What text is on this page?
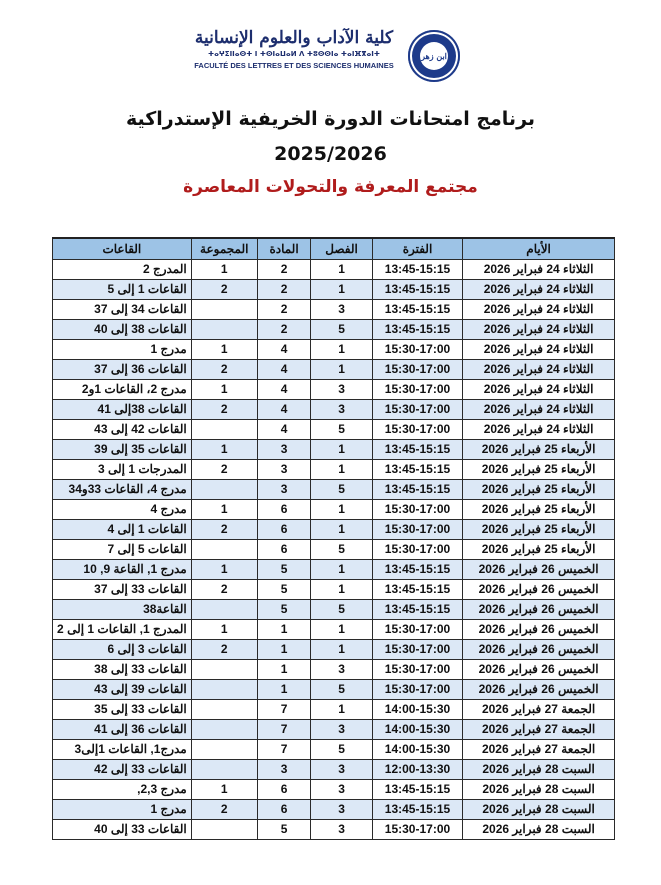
كلية الآداب والعلوم الإنسانية
ⵜⴰⵖⵉⵏⵏⴰⵙⵜ ⵏ ⵜⵙⵏⴰⵡⴰⵍ ⴷ ⵜⵓⵙⵙⵏⴰ ⵜⴰⵏⴼⴳⴰⵏⵜ
FACULTÉ DES LETTRES ET DES SCIENCES HUMAINES
ابن زهر
برنامج امتحانات الدورة الخريفية الإستدراكية
2025/2026
مجتمع المعرفة والتحولات المعاصرة
الأيام	الفترة	الفصل	المادة	المجموعة	القاعات
الثلاثاء 24 فبراير 2026	13:45-15:15	1	2	1	المدرج 2
الثلاثاء 24 فبراير 2026	13:45-15:15	1	2	2	القاعات 1 إلى 5
الثلاثاء 24 فبراير 2026	13:45-15:15	3	2		القاعات 34 إلى 37
الثلاثاء 24 فبراير 2026	13:45-15:15	5	2		القاعات 38 إلى 40
الثلاثاء 24 فبراير 2026	15:30-17:00	1	4	1	مدرج 1
الثلاثاء 24 فبراير 2026	15:30-17:00	1	4	2	القاعات 36 إلى 37
الثلاثاء 24 فبراير 2026	15:30-17:00	3	4	1	مدرج 2، القاعات 1و2
الثلاثاء 24 فبراير 2026	15:30-17:00	3	4	2	القاعات 38إلى 41
الثلاثاء 24 فبراير 2026	15:30-17:00	5	4		القاعات 42 إلى 43
الأربعاء 25 فبراير 2026	13:45-15:15	1	3	1	القاعات 35 إلى 39
الأربعاء 25 فبراير 2026	13:45-15:15	1	3	2	المدرجات 1 إلى 3
الأربعاء 25 فبراير 2026	13:45-15:15	5	3		مدرج 4، القاعات 33و34
الأربعاء 25 فبراير 2026	15:30-17:00	1	6	1	مدرج 4
الأربعاء 25 فبراير 2026	15:30-17:00	1	6	2	القاعات 1 إلى 4
الأربعاء 25 فبراير 2026	15:30-17:00	5	6		القاعات 5 إلى 7
الخميس 26 فبراير 2026	13:45-15:15	1	5	1	مدرج 1, القاعة 9, 10
الخميس 26 فبراير 2026	13:45-15:15	1	5	2	القاعات 33 إلى 37
الخميس 26 فبراير 2026	13:45-15:15	5	5		القاعة38
الخميس 26 فبراير 2026	15:30-17:00	1	1	1	المدرج 1, القاعات 1 إلى 2
الخميس 26 فبراير 2026	15:30-17:00	1	1	2	القاعات 3 إلى 6
الخميس 26 فبراير 2026	15:30-17:00	3	1		القاعات 33 إلى 38
الخميس 26 فبراير 2026	15:30-17:00	5	1		القاعات 39 إلى 43
الجمعة 27 فبراير 2026	14:00-15:30	1	7		القاعات 33 إلى 35
الجمعة 27 فبراير 2026	14:00-15:30	3	7		القاعات 36 إلى 41
الجمعة 27 فبراير 2026	14:00-15:30	5	7		مدرج1, القاعات 1إلى3
السبت 28 فبراير 2026	12:00-13:30	3	3		القاعات 33 إلى 42
السبت 28 فبراير 2026	13:45-15:15	3	6	1	مدرج 2,3,
السبت 28 فبراير 2026	13:45-15:15	3	6	2	مدرج 1
السبت 28 فبراير 2026	15:30-17:00	3	5		القاعات 33 إلى 40
